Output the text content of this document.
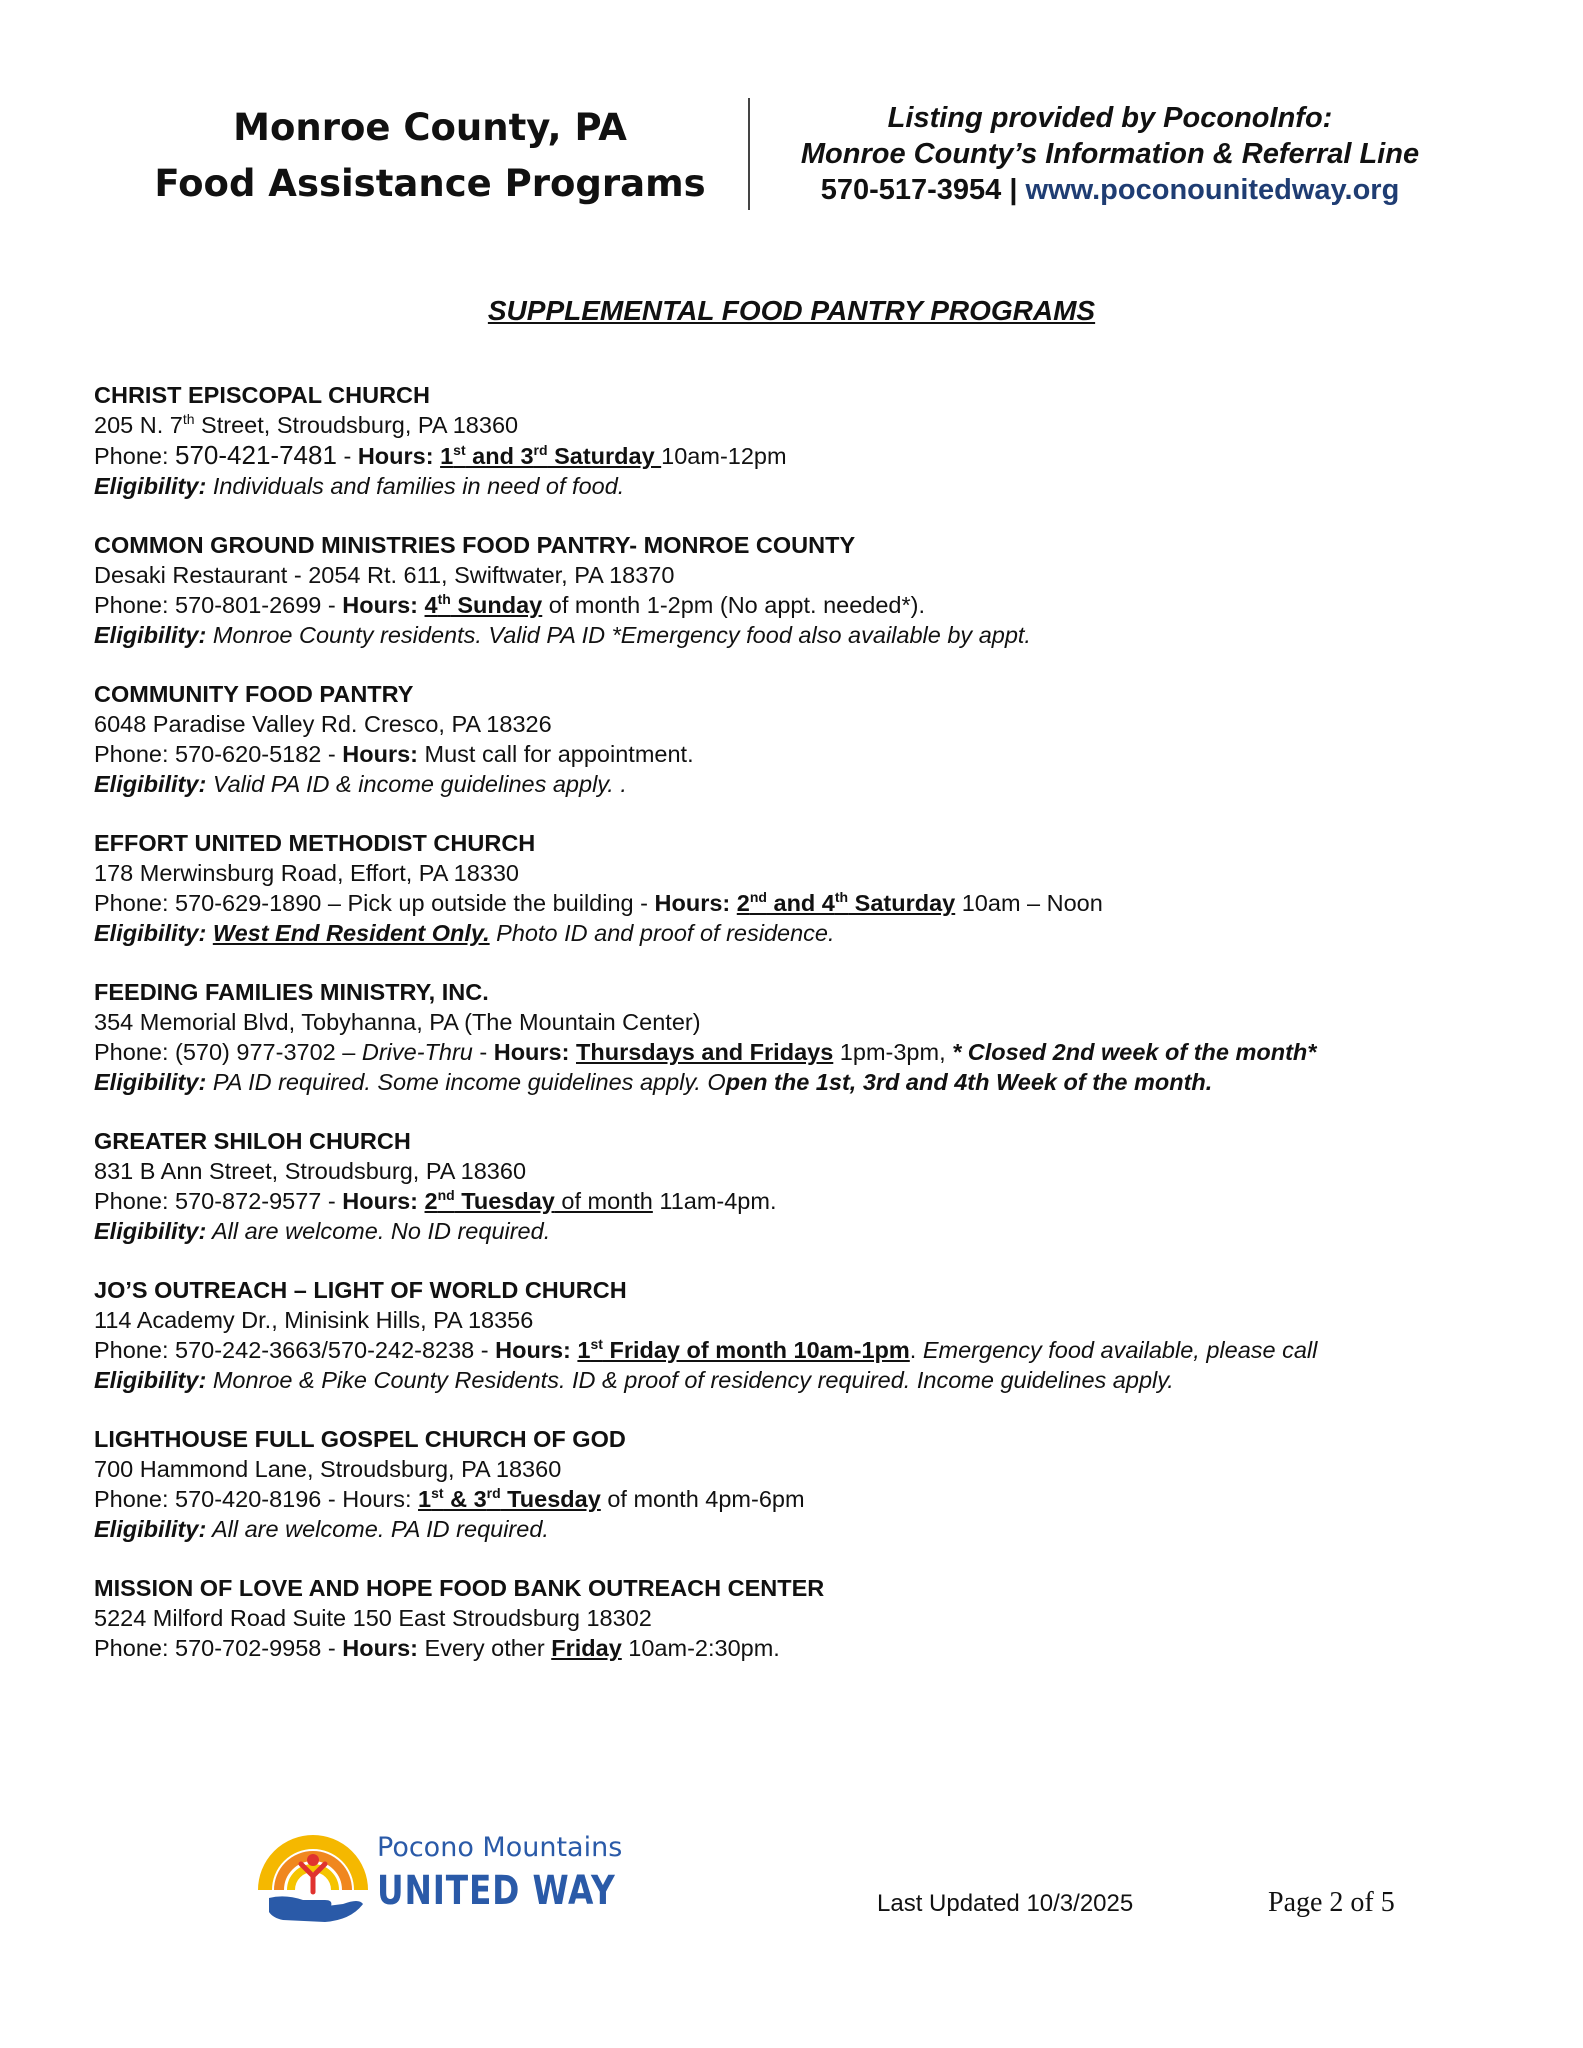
Monroe County, PA
Food Assistance Programs
Listing provided by PoconoInfo:
Monroe County’s Information & Referral Line
570-517-3954 | www.poconounitedway.org
SUPPLEMENTAL FOOD PANTRY PROGRAMS
CHRIST EPISCOPAL CHURCH
205 N. 7th Street, Stroudsburg, PA 18360
Phone: 570-421-7481 - Hours: 1st and 3rd Saturday 10am-12pm
Eligibility: Individuals and families in need of food.
COMMON GROUND MINISTRIES FOOD PANTRY- MONROE COUNTY
Desaki Restaurant - 2054 Rt. 611, Swiftwater, PA 18370
Phone: 570-801-2699 - Hours: 4th Sunday of month 1-2pm (No appt. needed*).
Eligibility: Monroe County residents. Valid PA ID *Emergency food also available by appt.
COMMUNITY FOOD PANTRY
6048 Paradise Valley Rd. Cresco, PA 18326
Phone: 570-620-5182 - Hours: Must call for appointment.
Eligibility: Valid PA ID & income guidelines apply. .
EFFORT UNITED METHODIST CHURCH
178 Merwinsburg Road, Effort, PA 18330
Phone: 570-629-1890 – Pick up outside the building - Hours: 2nd and 4th Saturday 10am – Noon
Eligibility: West End Resident Only. Photo ID and proof of residence.
FEEDING FAMILIES MINISTRY, INC.
354 Memorial Blvd, Tobyhanna, PA (The Mountain Center)
Phone: (570) 977-3702 – Drive-Thru - Hours: Thursdays and Fridays 1pm-3pm, * Closed 2nd week of the month*
Eligibility: PA ID required. Some income guidelines apply. Open the 1st, 3rd and 4th Week of the month.
GREATER SHILOH CHURCH
831 B Ann Street, Stroudsburg, PA 18360
Phone: 570-872-9577 - Hours: 2nd Tuesday of month 11am-4pm.
Eligibility: All are welcome. No ID required.
JO’S OUTREACH – LIGHT OF WORLD CHURCH
114 Academy Dr., Minisink Hills, PA 18356
Phone: 570-242-3663/570-242-8238 - Hours: 1st Friday of month 10am-1pm. Emergency food available, please call
Eligibility: Monroe & Pike County Residents. ID & proof of residency required. Income guidelines apply.
LIGHTHOUSE FULL GOSPEL CHURCH OF GOD
700 Hammond Lane, Stroudsburg, PA 18360
Phone: 570-420-8196 - Hours: 1st & 3rd Tuesday of month 4pm-6pm
Eligibility: All are welcome. PA ID required.
MISSION OF LOVE AND HOPE FOOD BANK OUTREACH CENTER
5224 Milford Road Suite 150 East Stroudsburg 18302
Phone: 570-702-9958 - Hours: Every other Friday 10am-2:30pm.
Pocono Mountains
UNITED WAY	Last Updated 10/3/2025	Page 2 of 5
